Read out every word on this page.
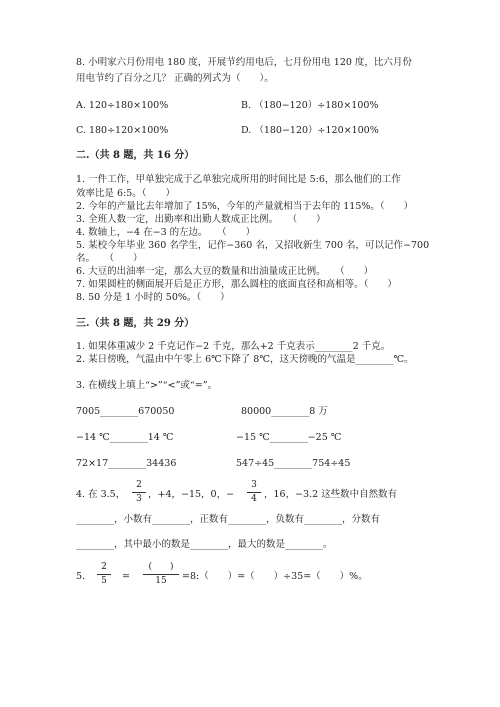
8. 小明家六月份用电 180 度，开展节约用电后，七月份用电 120 度，比六月份
用电节约了百分之几？ 正确的列式为（　　）。
A. 120÷180×100%	B. （180−120）÷180×100%
C. 180÷120×100%	D. （180−120）÷120×100%
二.（共 8 题，共 16 分）
1. 一件工作，甲单独完成于乙单独完成所用的时间比是 5:6，那么他们的工作
效率比是 6:5。（　　）
2. 今年的产量比去年增加了 15%，今年的产量就相当于去年的 115%。（　　）
3. 全班人数一定，出勤率和出勤人数成正比例。　　（　　）
4. 数轴上，−4 在−3 的左边。　　（　　）
5. 某校今年毕业 360 名学生，记作−360 名，又招收新生 700 名，可以记作−700
名。　　（　　）
6. 大豆的出油率一定，那么大豆的数量和出油量成正比例。　　（　　）
7. 如果圆柱的侧面展开后是正方形，那么圆柱的底面直径和高相等。（　　）
8. 50 分是 1 小时的 50%。（　　）
三.（共 8 题，共 29 分）
1. 如果体重减少 2 千克记作−2 千克，那么+2 千克表示________2 千克。
2. 某日傍晚，气温由中午零上 6℃下降了 8℃，这天傍晚的气温是________℃。
3. 在横线上填上“>”“<”或“=”。
7005________670050	80000________8 万
−14 ℃________14 ℃	−15 ℃________−25 ℃
72×17________34436	547÷45________754÷45
4. 在 3.5，
2
3 ，+4，−15，0，−
3
4 ，16，−3.2 这些数中自然数有
________，小数有________，正数有________，负数有________，分数有
________，其中最小的数是________，最大的数是________。
5.
2
5	=
(　　)
15	=8:（　　）=（　　）÷35=（　　）%。
